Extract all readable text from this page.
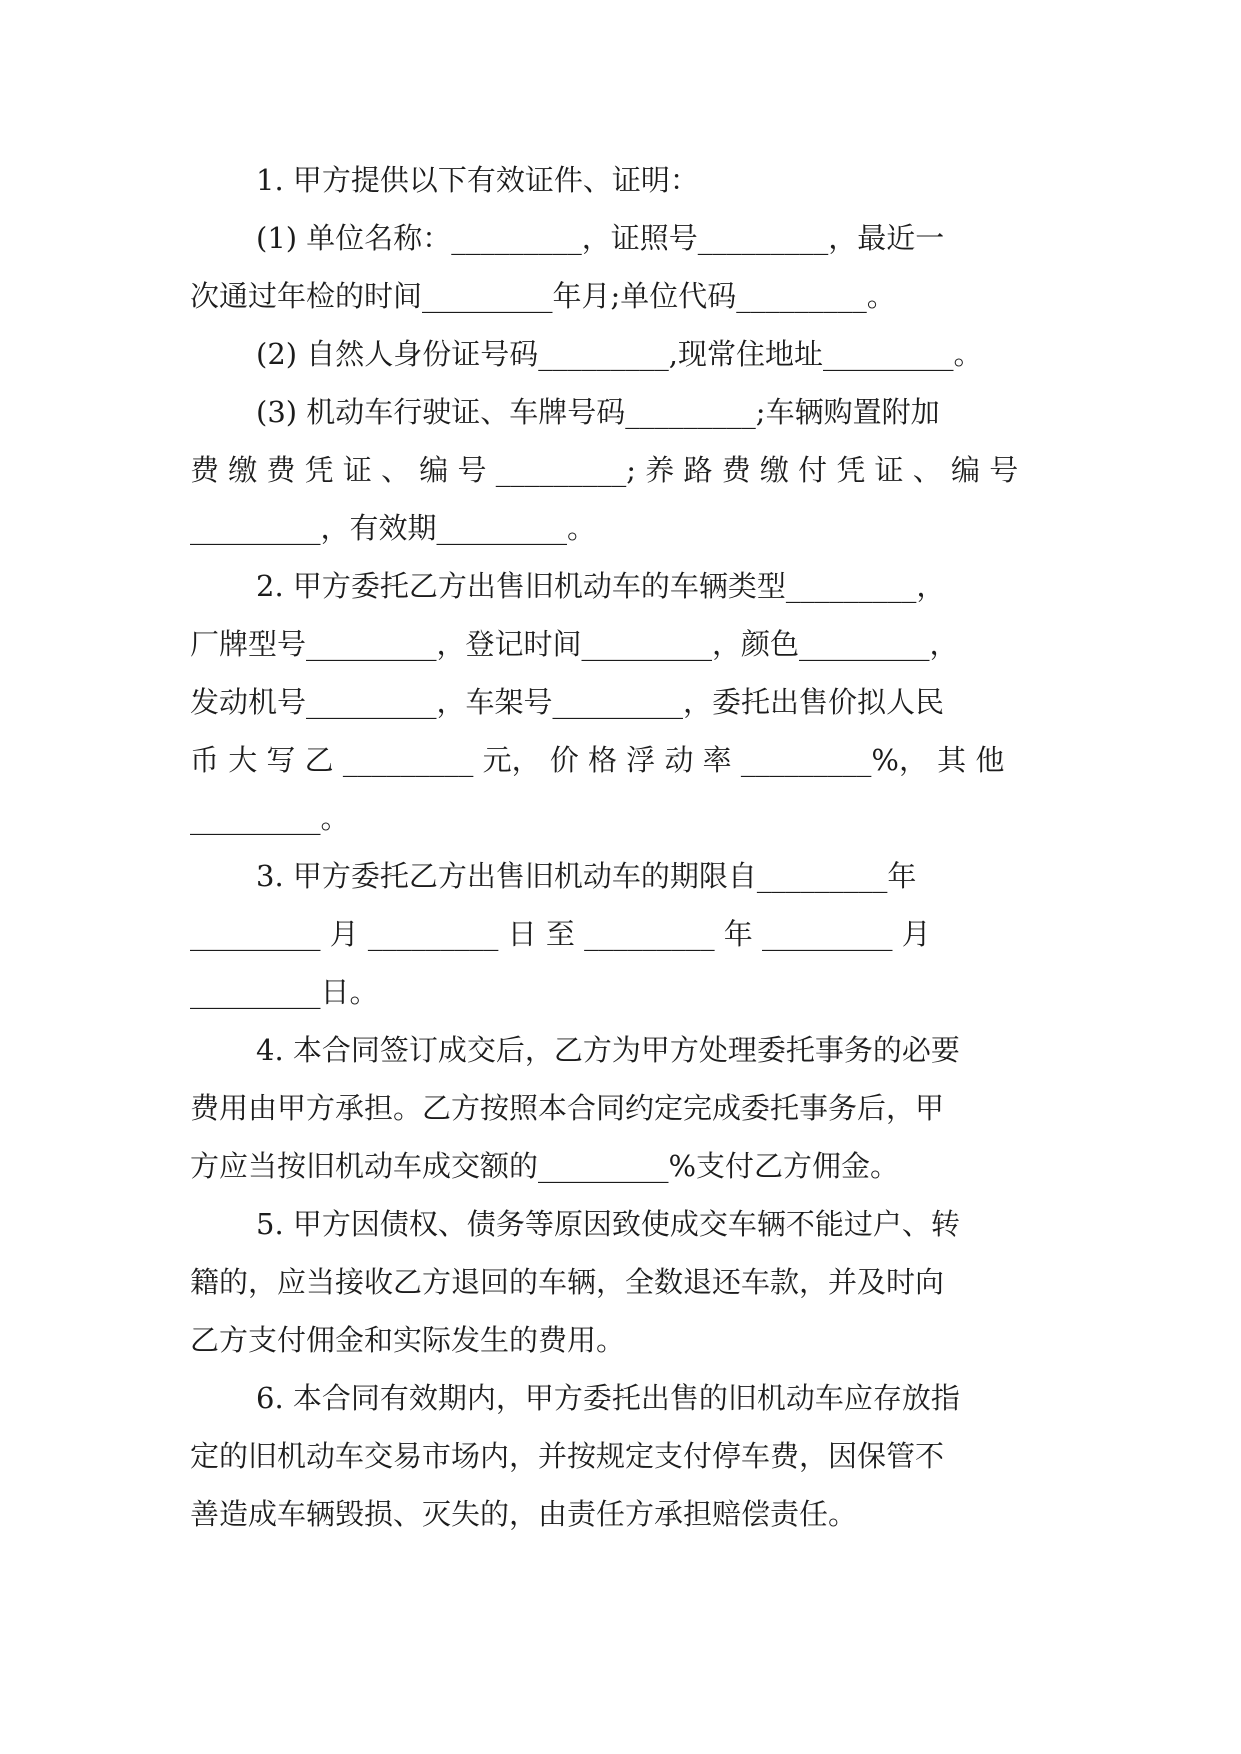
1. 甲方提供以下有效证件、证明：
(1) 单位名称：_________，证照号_________，最近一
次通过年检的时间_________年月;单位代码_________。
(2) 自然人身份证号码_________,现常住地址_________。
(3) 机动车行驶证、车牌号码_________;车辆购置附加
费 缴 费 凭 证 、 编 号 _________; 养 路 费 缴 付 凭 证 、 编 号
_________，有效期_________。
2. 甲方委托乙方出售旧机动车的车辆类型_________，
厂牌型号_________，登记时间_________，颜色_________，
发动机号_________，车架号_________，委托出售价拟人民
币 大 写 乙 _________ 元， 价 格 浮 动 率 _________%， 其 他
_________。
3. 甲方委托乙方出售旧机动车的期限自_________年
_________ 月 _________ 日 至 _________ 年 _________ 月
_________日。
4. 本合同签订成交后，乙方为甲方处理委托事务的必要
费用由甲方承担。乙方按照本合同约定完成委托事务后，甲
方应当按旧机动车成交额的_________%支付乙方佣金。
5. 甲方因债权、债务等原因致使成交车辆不能过户、转
籍的，应当接收乙方退回的车辆，全数退还车款，并及时向
乙方支付佣金和实际发生的费用。
6. 本合同有效期内，甲方委托出售的旧机动车应存放指
定的旧机动车交易市场内，并按规定支付停车费，因保管不
善造成车辆毁损、灭失的，由责任方承担赔偿责任。
